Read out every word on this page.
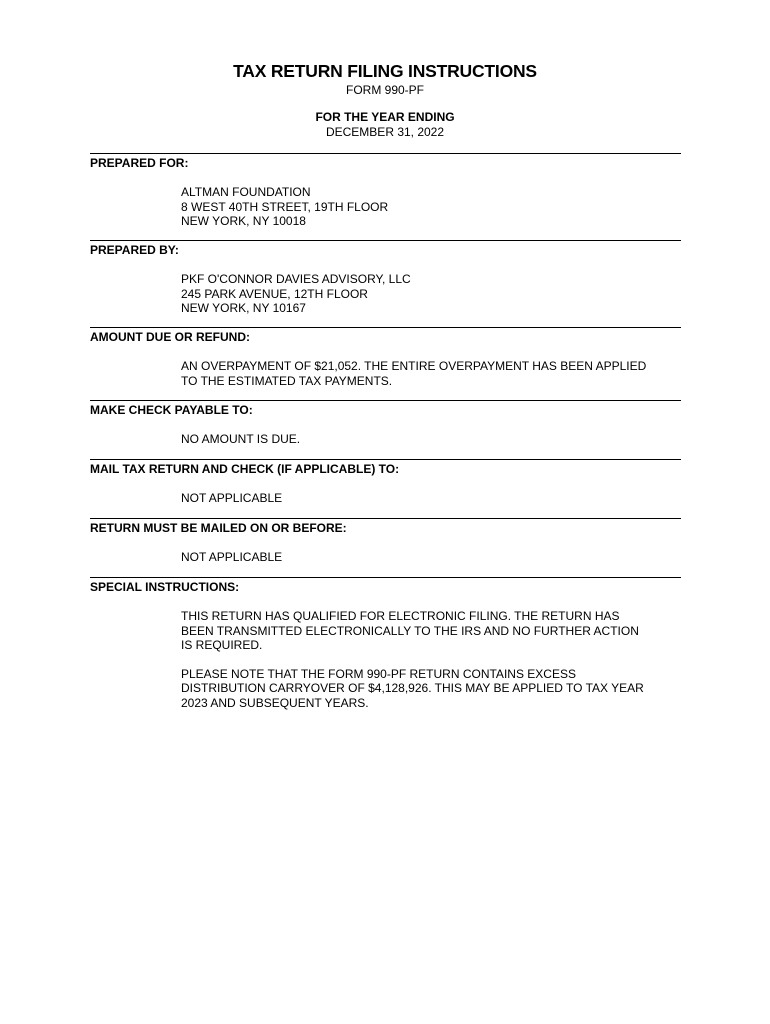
TAX RETURN FILING INSTRUCTIONS
FORM 990-PF
FOR THE YEAR ENDING
DECEMBER 31, 2022
PREPARED FOR:
ALTMAN FOUNDATION
8 WEST 40TH STREET, 19TH FLOOR
NEW YORK, NY 10018
PREPARED BY:
PKF O'CONNOR DAVIES ADVISORY, LLC
245 PARK AVENUE, 12TH FLOOR
NEW YORK, NY 10167
AMOUNT DUE OR REFUND:
AN OVERPAYMENT OF $21,052. THE ENTIRE OVERPAYMENT HAS BEEN APPLIED
TO THE ESTIMATED TAX PAYMENTS.
MAKE CHECK PAYABLE TO:
NO AMOUNT IS DUE.
MAIL TAX RETURN AND CHECK (IF APPLICABLE) TO:
NOT APPLICABLE
RETURN MUST BE MAILED ON OR BEFORE:
NOT APPLICABLE
SPECIAL INSTRUCTIONS:
THIS RETURN HAS QUALIFIED FOR ELECTRONIC FILING. THE RETURN HAS
BEEN TRANSMITTED ELECTRONICALLY TO THE IRS AND NO FURTHER ACTION
IS REQUIRED.
PLEASE NOTE THAT THE FORM 990-PF RETURN CONTAINS EXCESS
DISTRIBUTION CARRYOVER OF $4,128,926. THIS MAY BE APPLIED TO TAX YEAR
2023 AND SUBSEQUENT YEARS.
